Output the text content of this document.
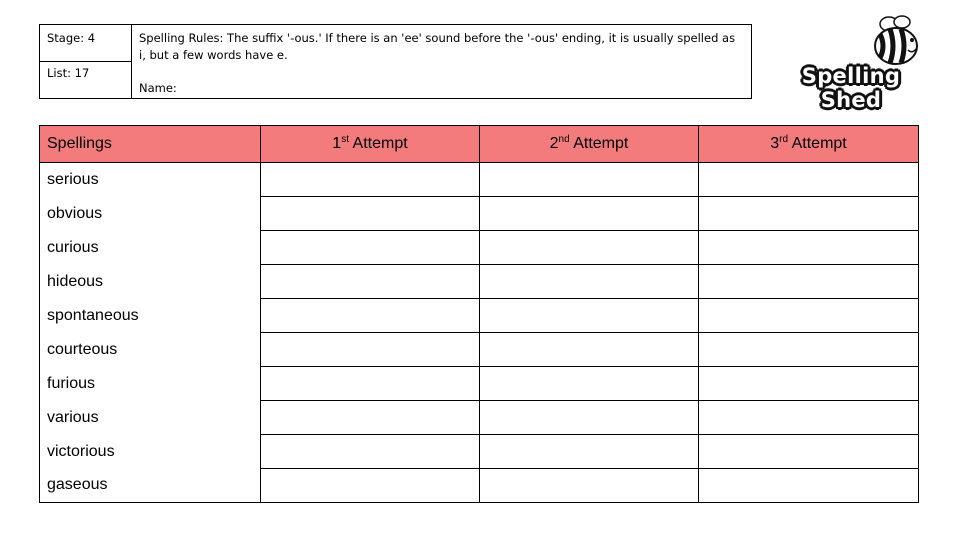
Stage: 4
List: 17
Spelling Rules: The suffix '-ous.' If there is an 'ee' sound before the '-ous' ending, it is usually spelled as i, but a few words have e.
Name:	Spelling Shed
Spellings	1st Attempt	2nd Attempt	3rd Attempt
serious			
obvious			
curious			
hideous			
spontaneous			
courteous			
furious			
various			
victorious			
gaseous			
